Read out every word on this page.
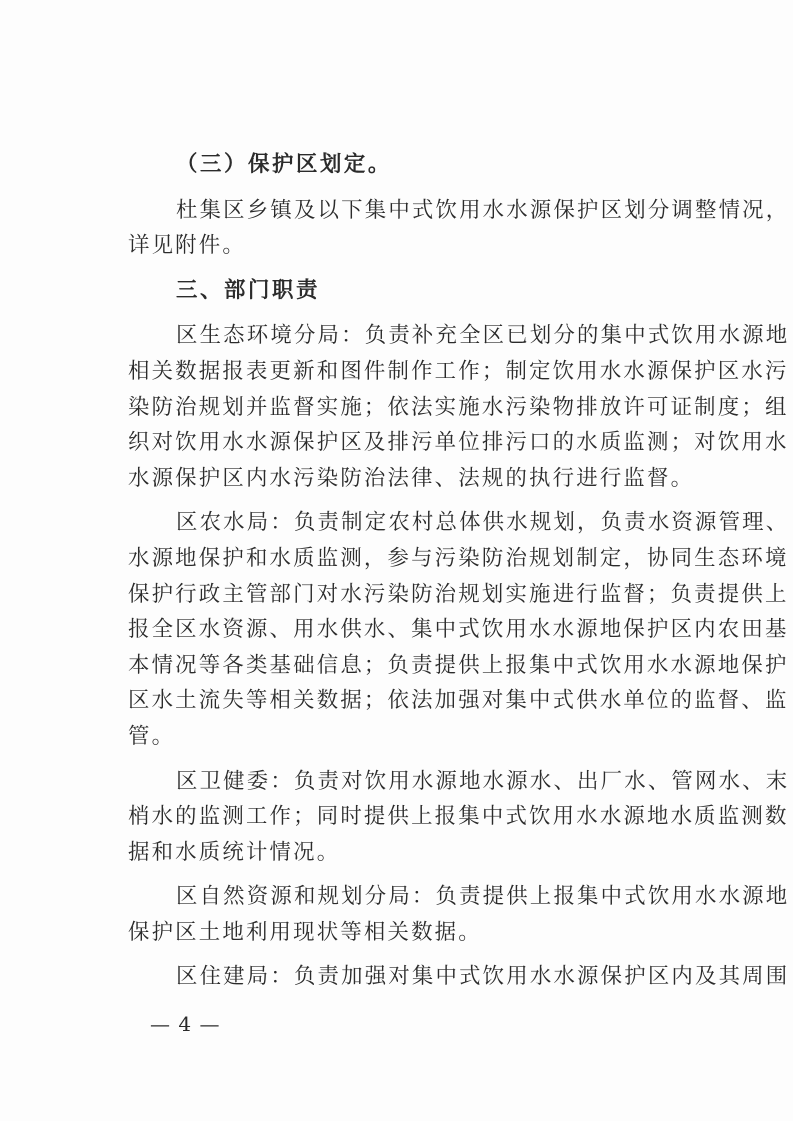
（三）保护区划定。
杜集区乡镇及以下集中式饮用水水源保护区划分调整情况，
详见附件。
三、部门职责
区生态环境分局：负责补充全区已划分的集中式饮用水源地
相关数据报表更新和图件制作工作；制定饮用水水源保护区水污
染防治规划并监督实施；依法实施水污染物排放许可证制度；组
织对饮用水水源保护区及排污单位排污口的水质监测；对饮用水
水源保护区内水污染防治法律、法规的执行进行监督。
区农水局：负责制定农村总体供水规划，负责水资源管理、
水源地保护和水质监测，参与污染防治规划制定，协同生态环境
保护行政主管部门对水污染防治规划实施进行监督；负责提供上
报全区水资源、用水供水、集中式饮用水水源地保护区内农田基
本情况等各类基础信息；负责提供上报集中式饮用水水源地保护
区水土流失等相关数据；依法加强对集中式供水单位的监督、监
管。
区卫健委：负责对饮用水源地水源水、出厂水、管网水、末
梢水的监测工作；同时提供上报集中式饮用水水源地水质监测数
据和水质统计情况。
区自然资源和规划分局：负责提供上报集中式饮用水水源地
保护区土地利用现状等相关数据。
区住建局：负责加强对集中式饮用水水源保护区内及其周围
— 4 —
